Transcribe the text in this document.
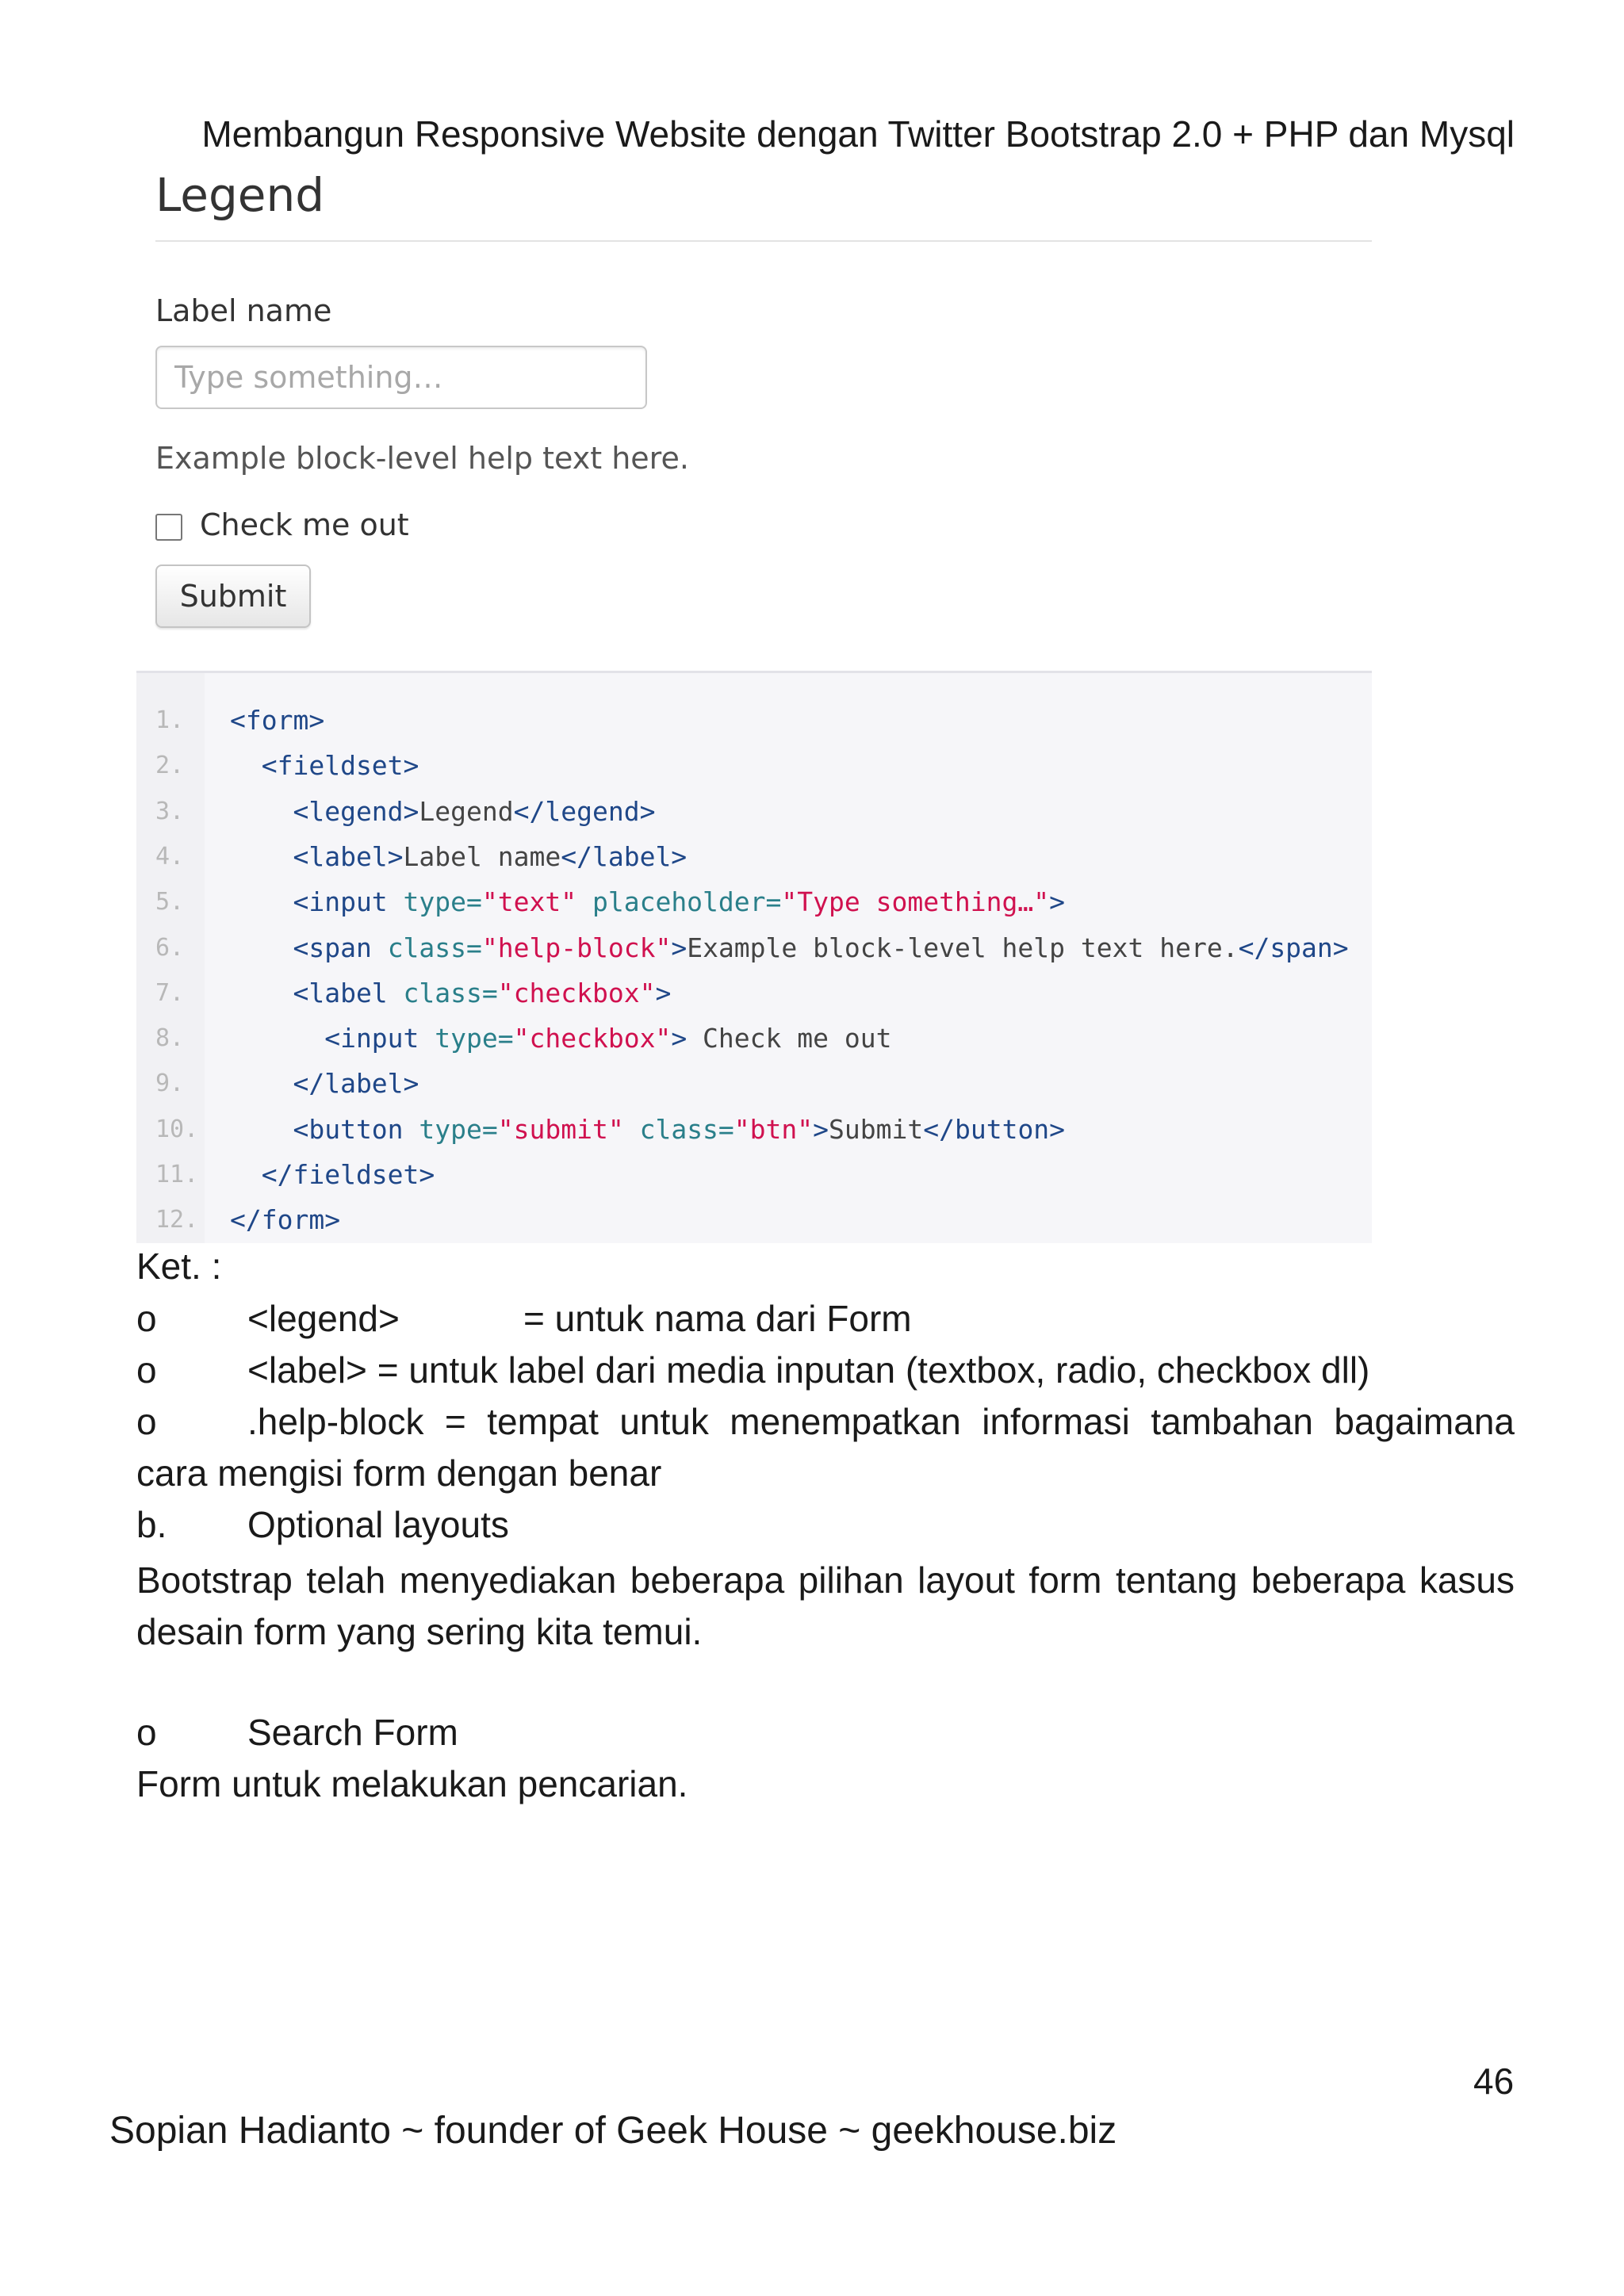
Membangun Responsive Website dengan Twitter Bootstrap 2.0 + PHP dan Mysql
Legend
Label name
Type something…
Example block-level help text here.
Check me out
Submit
1.	<form>
2.	<fieldset>
3.	<legend>Legend</legend>
4.	<label>Label name</label>
5.	<input type="text" placeholder="Type something…">
6.	<span class="help-block">Example block-level help text here.</span>
7.	<label class="checkbox">
8.	<input type="checkbox"> Check me out
9.	</label>
10. <button type="submit" class="btn">Submit</button>
11. </fieldset>
12. </form>
Ket. :
o <legend>	= untuk nama dari Form
o <label> = untuk label dari media inputan (textbox, radio, checkbox dll)
o .help-block = tempat untuk menempatkan informasi tambahan bagaimana
cara mengisi form dengan benar
b. Optional layouts
Bootstrap telah menyediakan beberapa pilihan layout form tentang beberapa kasus desain form yang sering kita temui.
o Search Form
Form untuk melakukan pencarian.
46
Sopian Hadianto ~ founder of Geek House ~ geekhouse.biz
